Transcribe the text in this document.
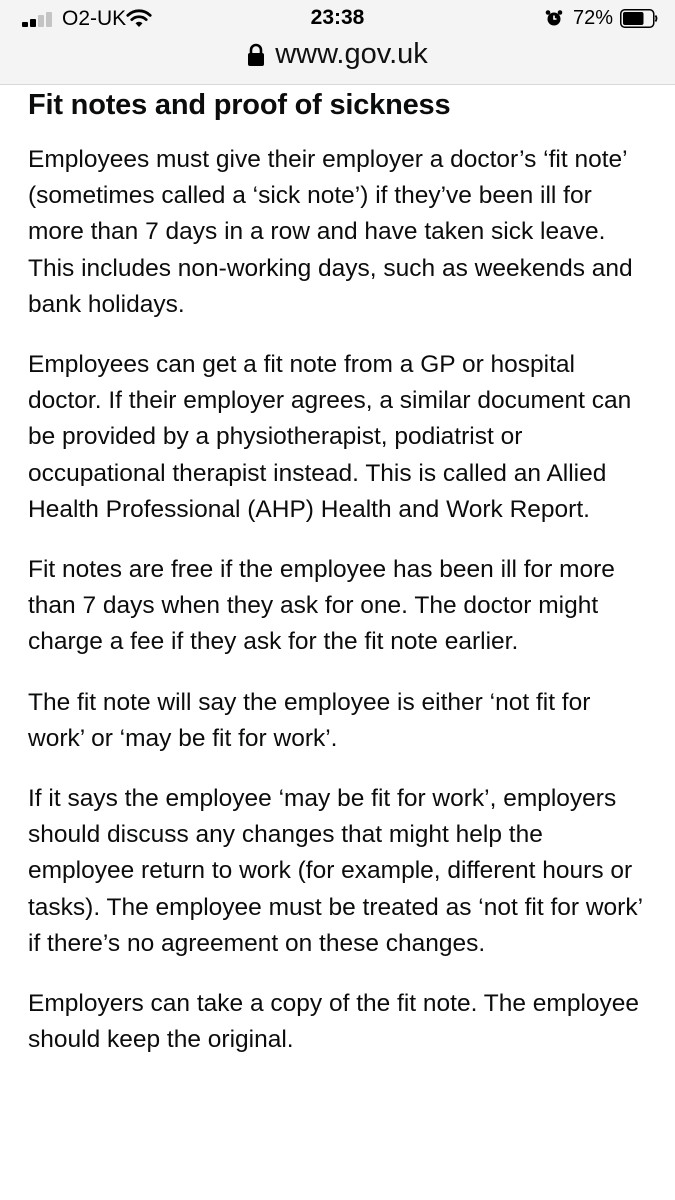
O2-UK	23:38	72%
www.gov.uk
Fit notes and proof of sickness

Employees must give their employer a doctor’s ‘fit note’ (sometimes called a ‘sick note’) if they’ve been ill for more than 7 days in a row and have taken sick leave. This includes non-working days, such as weekends and bank holidays.

Employees can get a fit note from a GP or hospital doctor. If their employer agrees, a similar document can be provided by a physiotherapist, podiatrist or occupational therapist instead. This is called an Allied Health Professional (AHP) Health and Work Report.

Fit notes are free if the employee has been ill for more than 7 days when they ask for one. The doctor might charge a fee if they ask for the fit note earlier.

The fit note will say the employee is either ‘not fit for work’ or ‘may be fit for work’.

If it says the employee ‘may be fit for work’, employers should discuss any changes that might help the employee return to work (for example, different hours or tasks). The employee must be treated as ‘not fit for work’ if there’s no agreement on these changes.

Employers can take a copy of the fit note. The employee should keep the original.
